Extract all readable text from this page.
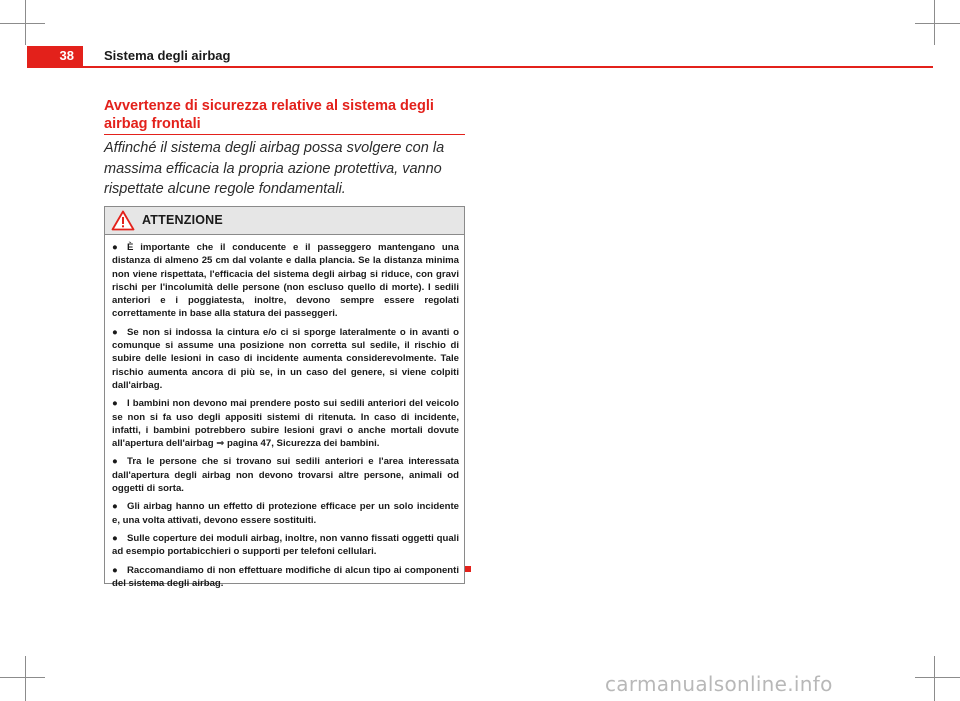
38	Sistema degli airbag
Avvertenze di sicurezza relative al sistema degli airbag frontali
Affinché il sistema degli airbag possa svolgere con la massima efficacia la propria azione protettiva, vanno rispettate alcune regole fondamentali.
ATTENZIONE
● È importante che il conducente e il passeggero mantengano una distanza di almeno 25 cm dal volante e dalla plancia. Se la distanza minima non viene rispettata, l'efficacia del sistema degli airbag si riduce, con gravi rischi per l'incolumità delle persone (non escluso quello di morte). I sedili anteriori e i poggiatesta, inoltre, devono sempre essere regolati correttamente in base alla statura dei passeggeri.
● Se non si indossa la cintura e/o ci si sporge lateralmente o in avanti o comunque si assume una posizione non corretta sul sedile, il rischio di subire delle lesioni in caso di incidente aumenta considerevolmente. Tale rischio aumenta ancora di più se, in un caso del genere, si viene colpiti dall'airbag.
● I bambini non devono mai prendere posto sui sedili anteriori del veicolo se non si fa uso degli appositi sistemi di ritenuta. In caso di incidente, infatti, i bambini potrebbero subire lesioni gravi o anche mortali dovute all'apertura dell'airbag ⇒ pagina 47, Sicurezza dei bambini.
● Tra le persone che si trovano sui sedili anteriori e l'area interessata dall'apertura degli airbag non devono trovarsi altre persone, animali od oggetti di sorta.
● Gli airbag hanno un effetto di protezione efficace per un solo incidente e, una volta attivati, devono essere sostituiti.
● Sulle coperture dei moduli airbag, inoltre, non vanno fissati oggetti quali ad esempio portabicchieri o supporti per telefoni cellulari.
● Raccomandiamo di non effettuare modifiche di alcun tipo ai componenti del sistema degli airbag.
carmanualsonline.info
